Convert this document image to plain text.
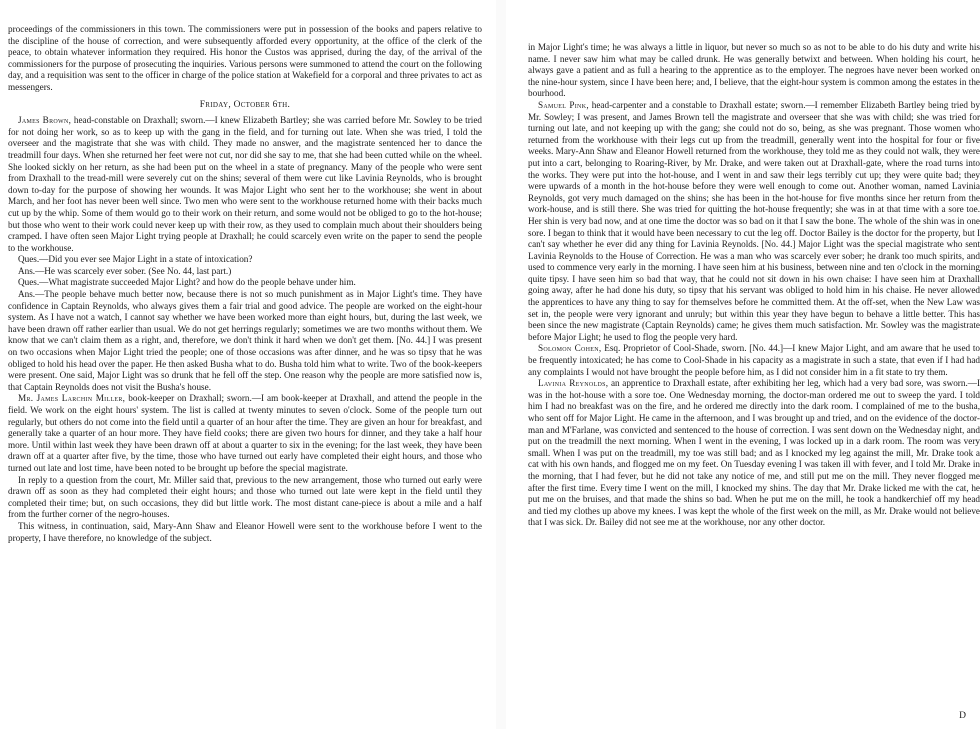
proceedings of the commissioners in this town. The commissioners were put in possession of the books and papers relative to the discipline of the house of correction, and were subsequently afforded every opportunity, at the office of the clerk of the peace, to obtain whatever information they required. His honor the Custos was apprised, during the day, of the arrival of the commissioners for the purpose of prosecuting the inquiries. Various persons were summoned to attend the court on the following day, and a requisition was sent to the officer in charge of the police station at Wakefield for a corporal and three privates to act as messengers.

Friday, October 6th.

James Brown, head-constable on Draxhall; sworn.—I knew Elizabeth Bartley; she was carried before Mr. Sowley to be tried for not doing her work, so as to keep up with the gang in the field, and for turning out late. When she was tried, I told the overseer and the magistrate that she was with child. They made no answer, and the magistrate sentenced her to dance the treadmill four days. When she returned her feet were not cut, nor did she say to me, that she had been cutted while on the wheel. She looked sickly on her return, as she had been put on the wheel in a state of pregnancy. Many of the people who were sent from Draxhall to the tread-mill were severely cut on the shins; several of them were cut like Lavinia Reynolds, who is brought down to-day for the purpose of showing her wounds. It was Major Light who sent her to the workhouse; she went in about March, and her foot has never been well since. Two men who were sent to the workhouse returned home with their backs much cut up by the whip. Some of them would go to their work on their return, and some would not be obliged to go to the hot-house; but those who went to their work could never keep up with their row, as they used to complain much about their shoulders being cramped. I have often seen Major Light trying people at Draxhall; he could scarcely even write on the paper to send the people to the workhouse.

Ques.—Did you ever see Major Light in a state of intoxication?

Ans.—He was scarcely ever sober. (See No. 44, last part.)

Ques.—What magistrate succeeded Major Light? and how do the people behave under him.

Ans.—The people behave much better now, because there is not so much punishment as in Major Light's time. They have confidence in Captain Reynolds, who always gives them a fair trial and good advice. The people are worked on the eight-hour system. As I have not a watch, I cannot say whether we have been worked more than eight hours, but, during the last week, we have been drawn off rather earlier than usual. We do not get herrings regularly; sometimes we are two months without them. We know that we can't claim them as a right, and, therefore, we don't think it hard when we don't get them. [No. 44.] I was present on two occasions when Major Light tried the people; one of those occasions was after dinner, and he was so tipsy that he was obliged to hold his head over the paper. He then asked Busha what to do. Busha told him what to write. Two of the book-keepers were present. One said, Major Light was so drunk that he fell off the step. One reason why the people are more satisfied now is, that Captain Reynolds does not visit the Busha's house.

Mr. James Larchin Miller, book-keeper on Draxhall; sworn.—I am book-keeper at Draxhall, and attend the people in the field. We work on the eight hours' system. The list is called at twenty minutes to seven o'clock. Some of the people turn out regularly, but others do not come into the field until a quarter of an hour after the time. They are given an hour for breakfast, and generally take a quarter of an hour more. They have field cooks; there are given two hours for dinner, and they take a half hour more. Until within last week they have been drawn off at about a quarter to six in the evening; for the last week, they have been drawn off at a quarter after five, by the time, those who have turned out early have completed their eight hours, and those who turned out late and lost time, have been noted to be brought up before the special magistrate.

In reply to a question from the court, Mr. Miller said that, previous to the new arrangement, those who turned out early were drawn off as soon as they had completed their eight hours; and those who turned out late were kept in the field until they completed their time; but, on such occasions, they did but little work. The most distant cane-piece is about a mile and a half from the further corner of the negro-houses.

This witness, in continuation, said, Mary-Ann Shaw and Eleanor Howell were sent to the workhouse before I went to the property, I have therefore, no knowledge of the subject.

in Major Light's time; he was always a little in liquor, but never so much so as not to be able to do his duty and write his name. I never saw him what may be called drunk. He was generally betwixt and between. When holding his court, he always gave a patient and as full a hearing to the apprentice as to the employer. The negroes have never been worked on the nine-hour system, since I have been here; and, I believe, that the eight-hour system is common among the estates in the bourhood.

Samuel Pink, head-carpenter and a constable to Draxhall estate; sworn.—I remember Elizabeth Bartley being tried by Mr. Sowley; I was present, and James Brown tell the magistrate and overseer that she was with child; she was tried for turning out late, and not keeping up with the gang; she could not do so, being, as she was pregnant. Those women who returned from the workhouse with their legs cut up from the treadmill, generally went into the hospital for four or five weeks. Mary-Ann Shaw and Eleanor Howell returned from the workhouse, they told me as they could not walk, they were put into a cart, belonging to Roaring-River, by Mr. Drake, and were taken out at Draxhall-gate, where the road turns into the works. They were put into the hot-house, and I went in and saw their legs terribly cut up; they were quite bad; they were upwards of a month in the hot-house before they were well enough to come out. Another woman, named Lavinia Reynolds, got very much damaged on the shins; she has been in the hot-house for five months since her return from the work-house, and is still there. She was tried for quitting the hot-house frequently; she was in at that time with a sore toe. Her shin is very bad now, and at one time the doctor was so bad on it that I saw the bone. The whole of the shin was in one sore. I began to think that it would have been necessary to cut the leg off. Doctor Bailey is the doctor for the property, but I can't say whether he ever did any thing for Lavinia Reynolds. [No. 44.] Major Light was the special magistrate who sent Lavinia Reynolds to the House of Correction. He was a man who was scarcely ever sober; he drank too much spirits, and used to commence very early in the morning. I have seen him at his business, between nine and ten o'clock in the morning quite tipsy. I have seen him so bad that way, that he could not sit down in his own chaise: I have seen him at Draxhall going away, after he had done his duty, so tipsy that his servant was obliged to hold him in his chaise. He never allowed the apprentices to have any thing to say for themselves before he committed them. At the off-set, when the New Law was set in, the people were very ignorant and unruly; but within this year they have begun to behave a little better. This has been since the new magistrate (Captain Reynolds) came; he gives them much satisfaction. Mr. Sowley was the magistrate before Major Light; he used to flog the people very hard.

Solomon Cohen, Esq. Proprietor of Cool-Shade, sworn. [No. 44.]—I knew Major Light, and am aware that he used to be frequently intoxicated; he has come to Cool-Shade in his capacity as a magistrate in such a state, that even if I had had any complaints I would not have brought the people before him, as I did not consider him in a fit state to try them.

Lavinia Reynolds, an apprentice to Draxhall estate, after exhibiting her leg, which had a very bad sore, was sworn.—I was in the hot-house with a sore toe. One Wednesday morning, the doctor-man ordered me out to sweep the yard. I told him I had no breakfast was on the fire, and he ordered me directly into the dark room. I complained of me to the busha, who sent off for Major Light. He came in the afternoon, and I was brought up and tried, and on the evidence of the doctor-man and M'Farlane, was convicted and sentenced to the house of correction. I was sent down on the Wednesday night, and put on the treadmill the next morning. When I went in the evening, I was locked up in a dark room. The room was very small. When I was put on the treadmill, my toe was still bad; and as I knocked my leg against the mill, Mr. Drake took a cat with his own hands, and flogged me on my feet. On Tuesday evening I was taken ill with fever, and I told Mr. Drake in the morning, that I had fever, but he did not take any notice of me, and still put me on the mill. They never flogged me after the first time. Every time I went on the mill, I knocked my shins. The day that Mr. Drake licked me with the cat, he put me on the bruises, and that made the shins so bad. When he put me on the mill, he took a handkerchief off my head and tied my clothes up above my knees. I was kept the whole of the first week on the mill, as Mr. Drake would not believe that I was sick. Dr. Bailey did not see me at the workhouse, nor any other doctor.

D
